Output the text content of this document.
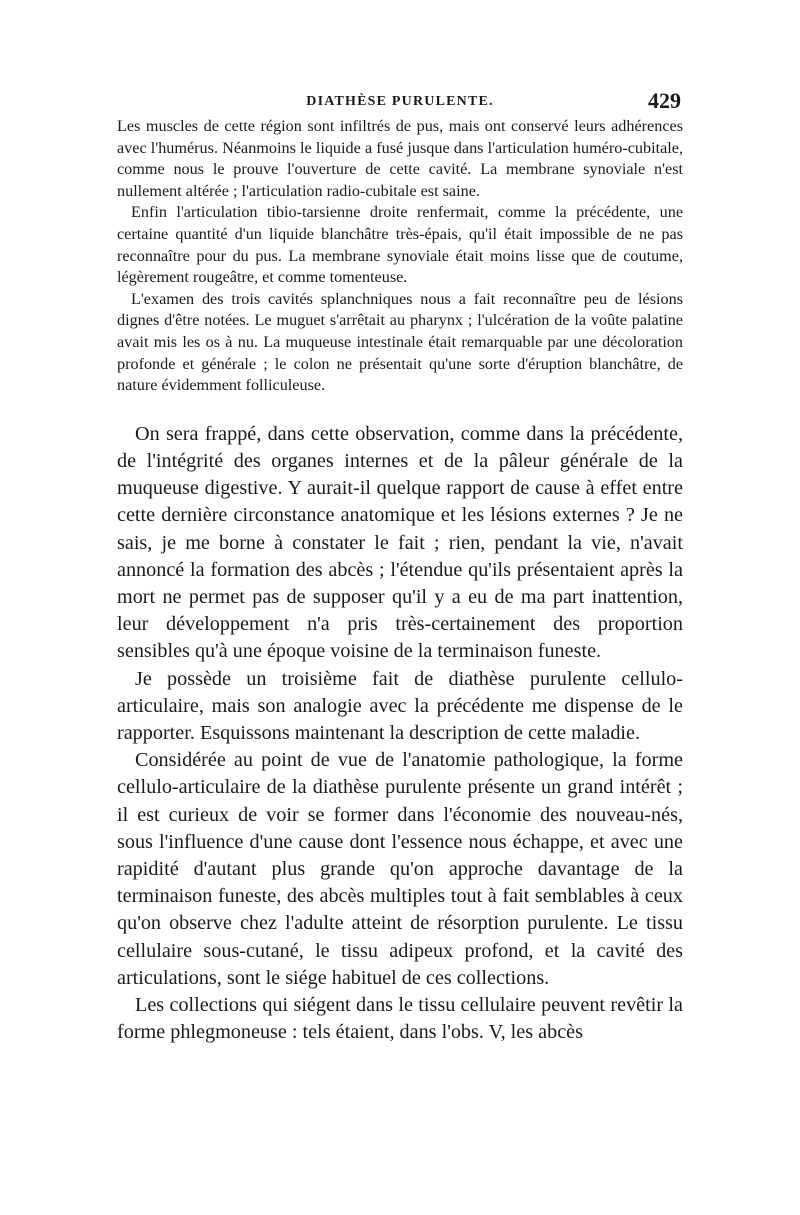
DIATHÈSE PURULENTE.	429

Les muscles de cette région sont infiltrés de pus, mais ont conservé leurs adhérences avec l'humérus. Néanmoins le liquide a fusé jusque dans l'articulation huméro-cubitale, comme nous le prouve l'ouverture de cette cavité. La membrane synoviale n'est nullement altérée ; l'articulation radio-cubitale est saine.

Enfin l'articulation tibio-tarsienne droite renfermait, comme la précédente, une certaine quantité d'un liquide blanchâtre très-épais, qu'il était impossible de ne pas reconnaître pour du pus. La membrane synoviale était moins lisse que de coutume, légèrement rougeâtre, et comme tomenteuse.

L'examen des trois cavités splanchniques nous a fait reconnaître peu de lésions dignes d'être notées. Le muguet s'arrêtait au pharynx ; l'ulcération de la voûte palatine avait mis les os à nu. La muqueuse intestinale était remarquable par une décoloration profonde et générale ; le colon ne présentait qu'une sorte d'éruption blanchâtre, de nature évidemment folliculeuse.

On sera frappé, dans cette observation, comme dans la précédente, de l'intégrité des organes internes et de la pâleur générale de la muqueuse digestive. Y aurait-il quelque rapport de cause à effet entre cette dernière circonstance anatomique et les lésions externes ? Je ne sais, je me borne à constater le fait ; rien, pendant la vie, n'avait annoncé la formation des abcès ; l'étendue qu'ils présentaient après la mort ne permet pas de supposer qu'il y a eu de ma part inattention, leur développement n'a pris très-certainement des proportion sensibles qu'à une époque voisine de la terminaison funeste.

Je possède un troisième fait de diathèse purulente cellulo-articulaire, mais son analogie avec la précédente me dispense de le rapporter. Esquissons maintenant la description de cette maladie.

Considérée au point de vue de l'anatomie pathologique, la forme cellulo-articulaire de la diathèse purulente présente un grand intérêt ; il est curieux de voir se former dans l'économie des nouveau-nés, sous l'influence d'une cause dont l'essence nous échappe, et avec une rapidité d'autant plus grande qu'on approche davantage de la terminaison funeste, des abcès multiples tout à fait semblables à ceux qu'on observe chez l'adulte atteint de résorption purulente. Le tissu cellulaire sous-cutané, le tissu adipeux profond, et la cavité des articulations, sont le siége habituel de ces collections.

Les collections qui siégent dans le tissu cellulaire peuvent revêtir la forme phlegmoneuse : tels étaient, dans l'obs. V, les abcès
